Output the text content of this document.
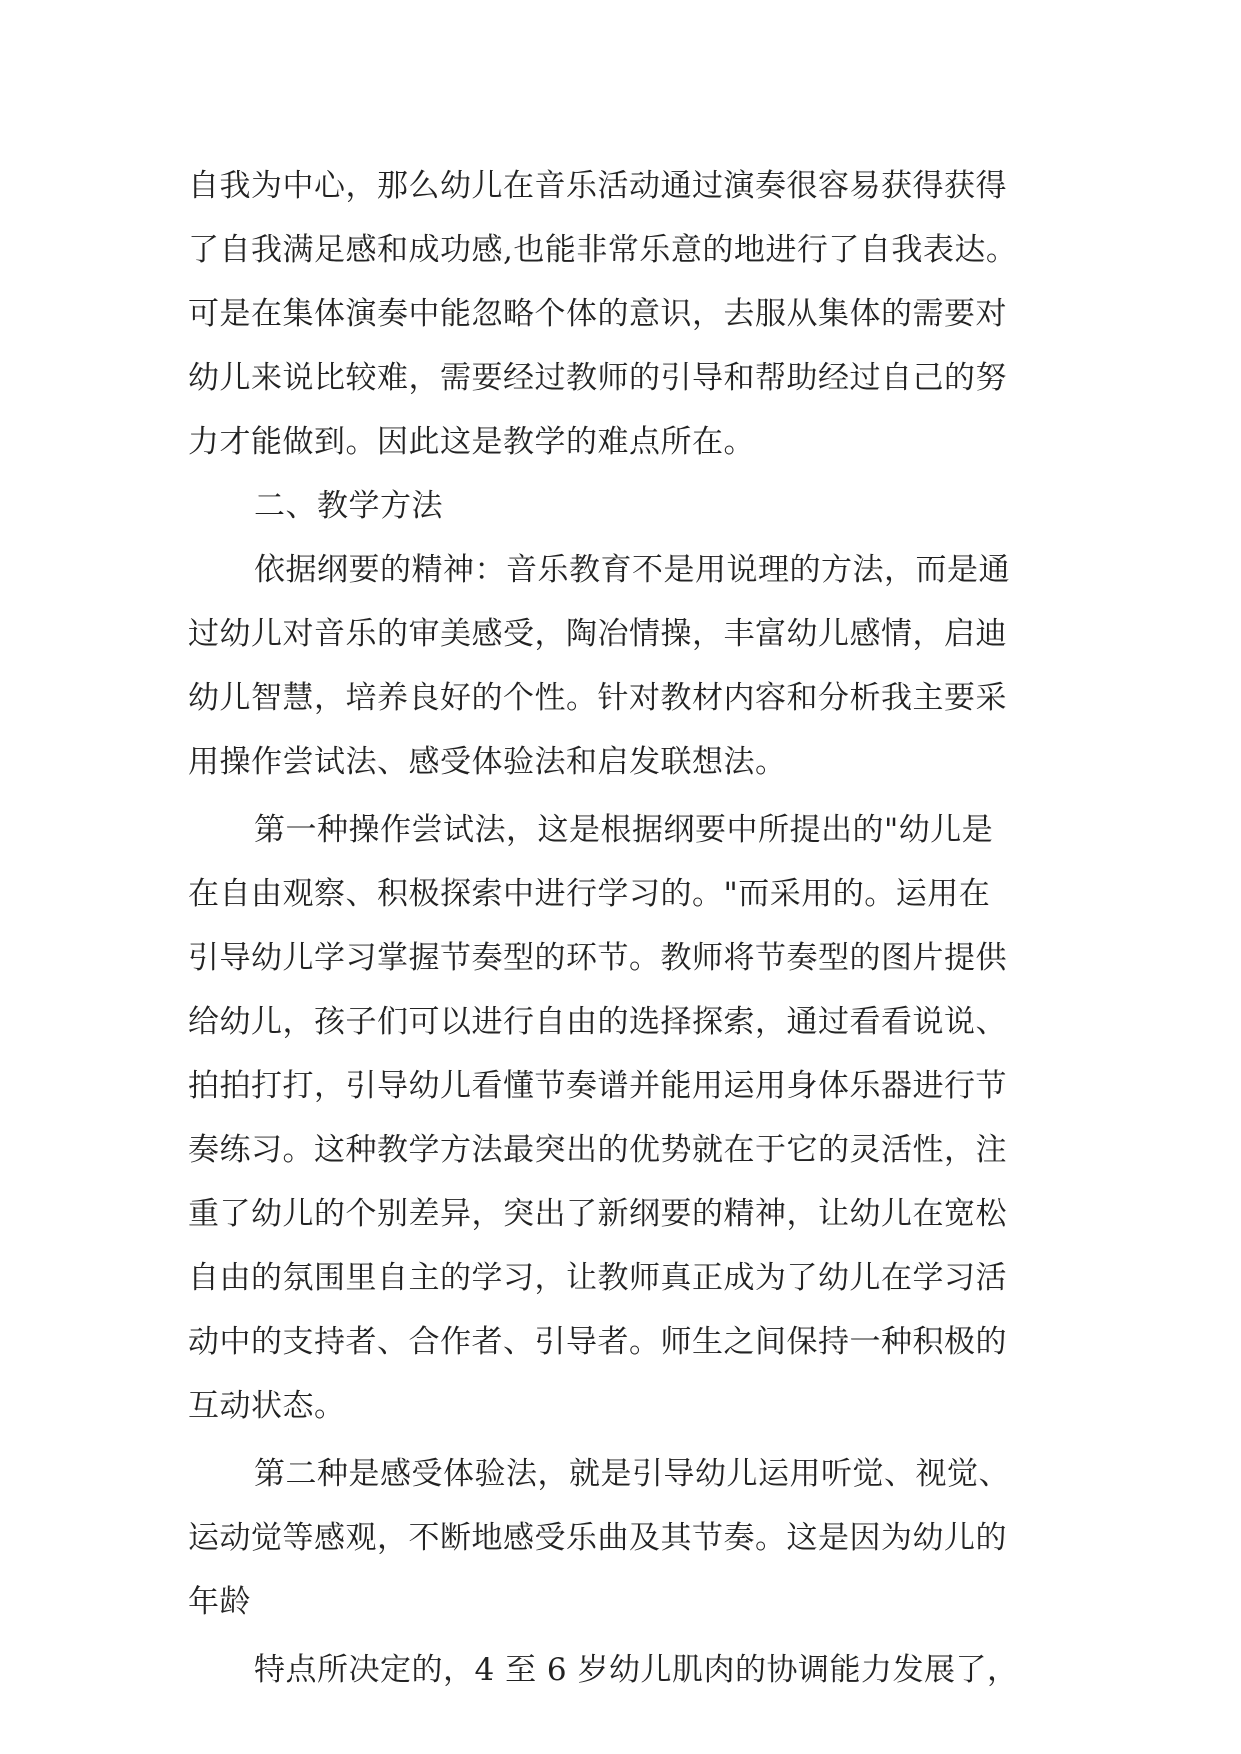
自我为中心，那么幼儿在音乐活动通过演奏很容易获得获得
了自我满足感和成功感,也能非常乐意的地进行了自我表达。
可是在集体演奏中能忽略个体的意识，去服从集体的需要对
幼儿来说比较难，需要经过教师的引导和帮助经过自己的努
力才能做到。因此这是教学的难点所在。
二、教学方法
依据纲要的精神：音乐教育不是用说理的方法，而是通
过幼儿对音乐的审美感受，陶冶情操，丰富幼儿感情，启迪
幼儿智慧，培养良好的个性。针对教材内容和分析我主要采
用操作尝试法、感受体验法和启发联想法。
第一种操作尝试法，这是根据纲要中所提出的"幼儿是
在自由观察、积极探索中进行学习的。"而采用的。运用在
引导幼儿学习掌握节奏型的环节。教师将节奏型的图片提供
给幼儿，孩子们可以进行自由的选择探索，通过看看说说、
拍拍打打，引导幼儿看懂节奏谱并能用运用身体乐器进行节
奏练习。这种教学方法最突出的优势就在于它的灵活性，注
重了幼儿的个别差异，突出了新纲要的精神，让幼儿在宽松
自由的氛围里自主的学习，让教师真正成为了幼儿在学习活
动中的支持者、合作者、引导者。师生之间保持一种积极的
互动状态。
第二种是感受体验法，就是引导幼儿运用听觉、视觉、
运动觉等感观，不断地感受乐曲及其节奏。这是因为幼儿的
年龄
特点所决定的，4 至 6 岁幼儿肌肉的协调能力发展了，
